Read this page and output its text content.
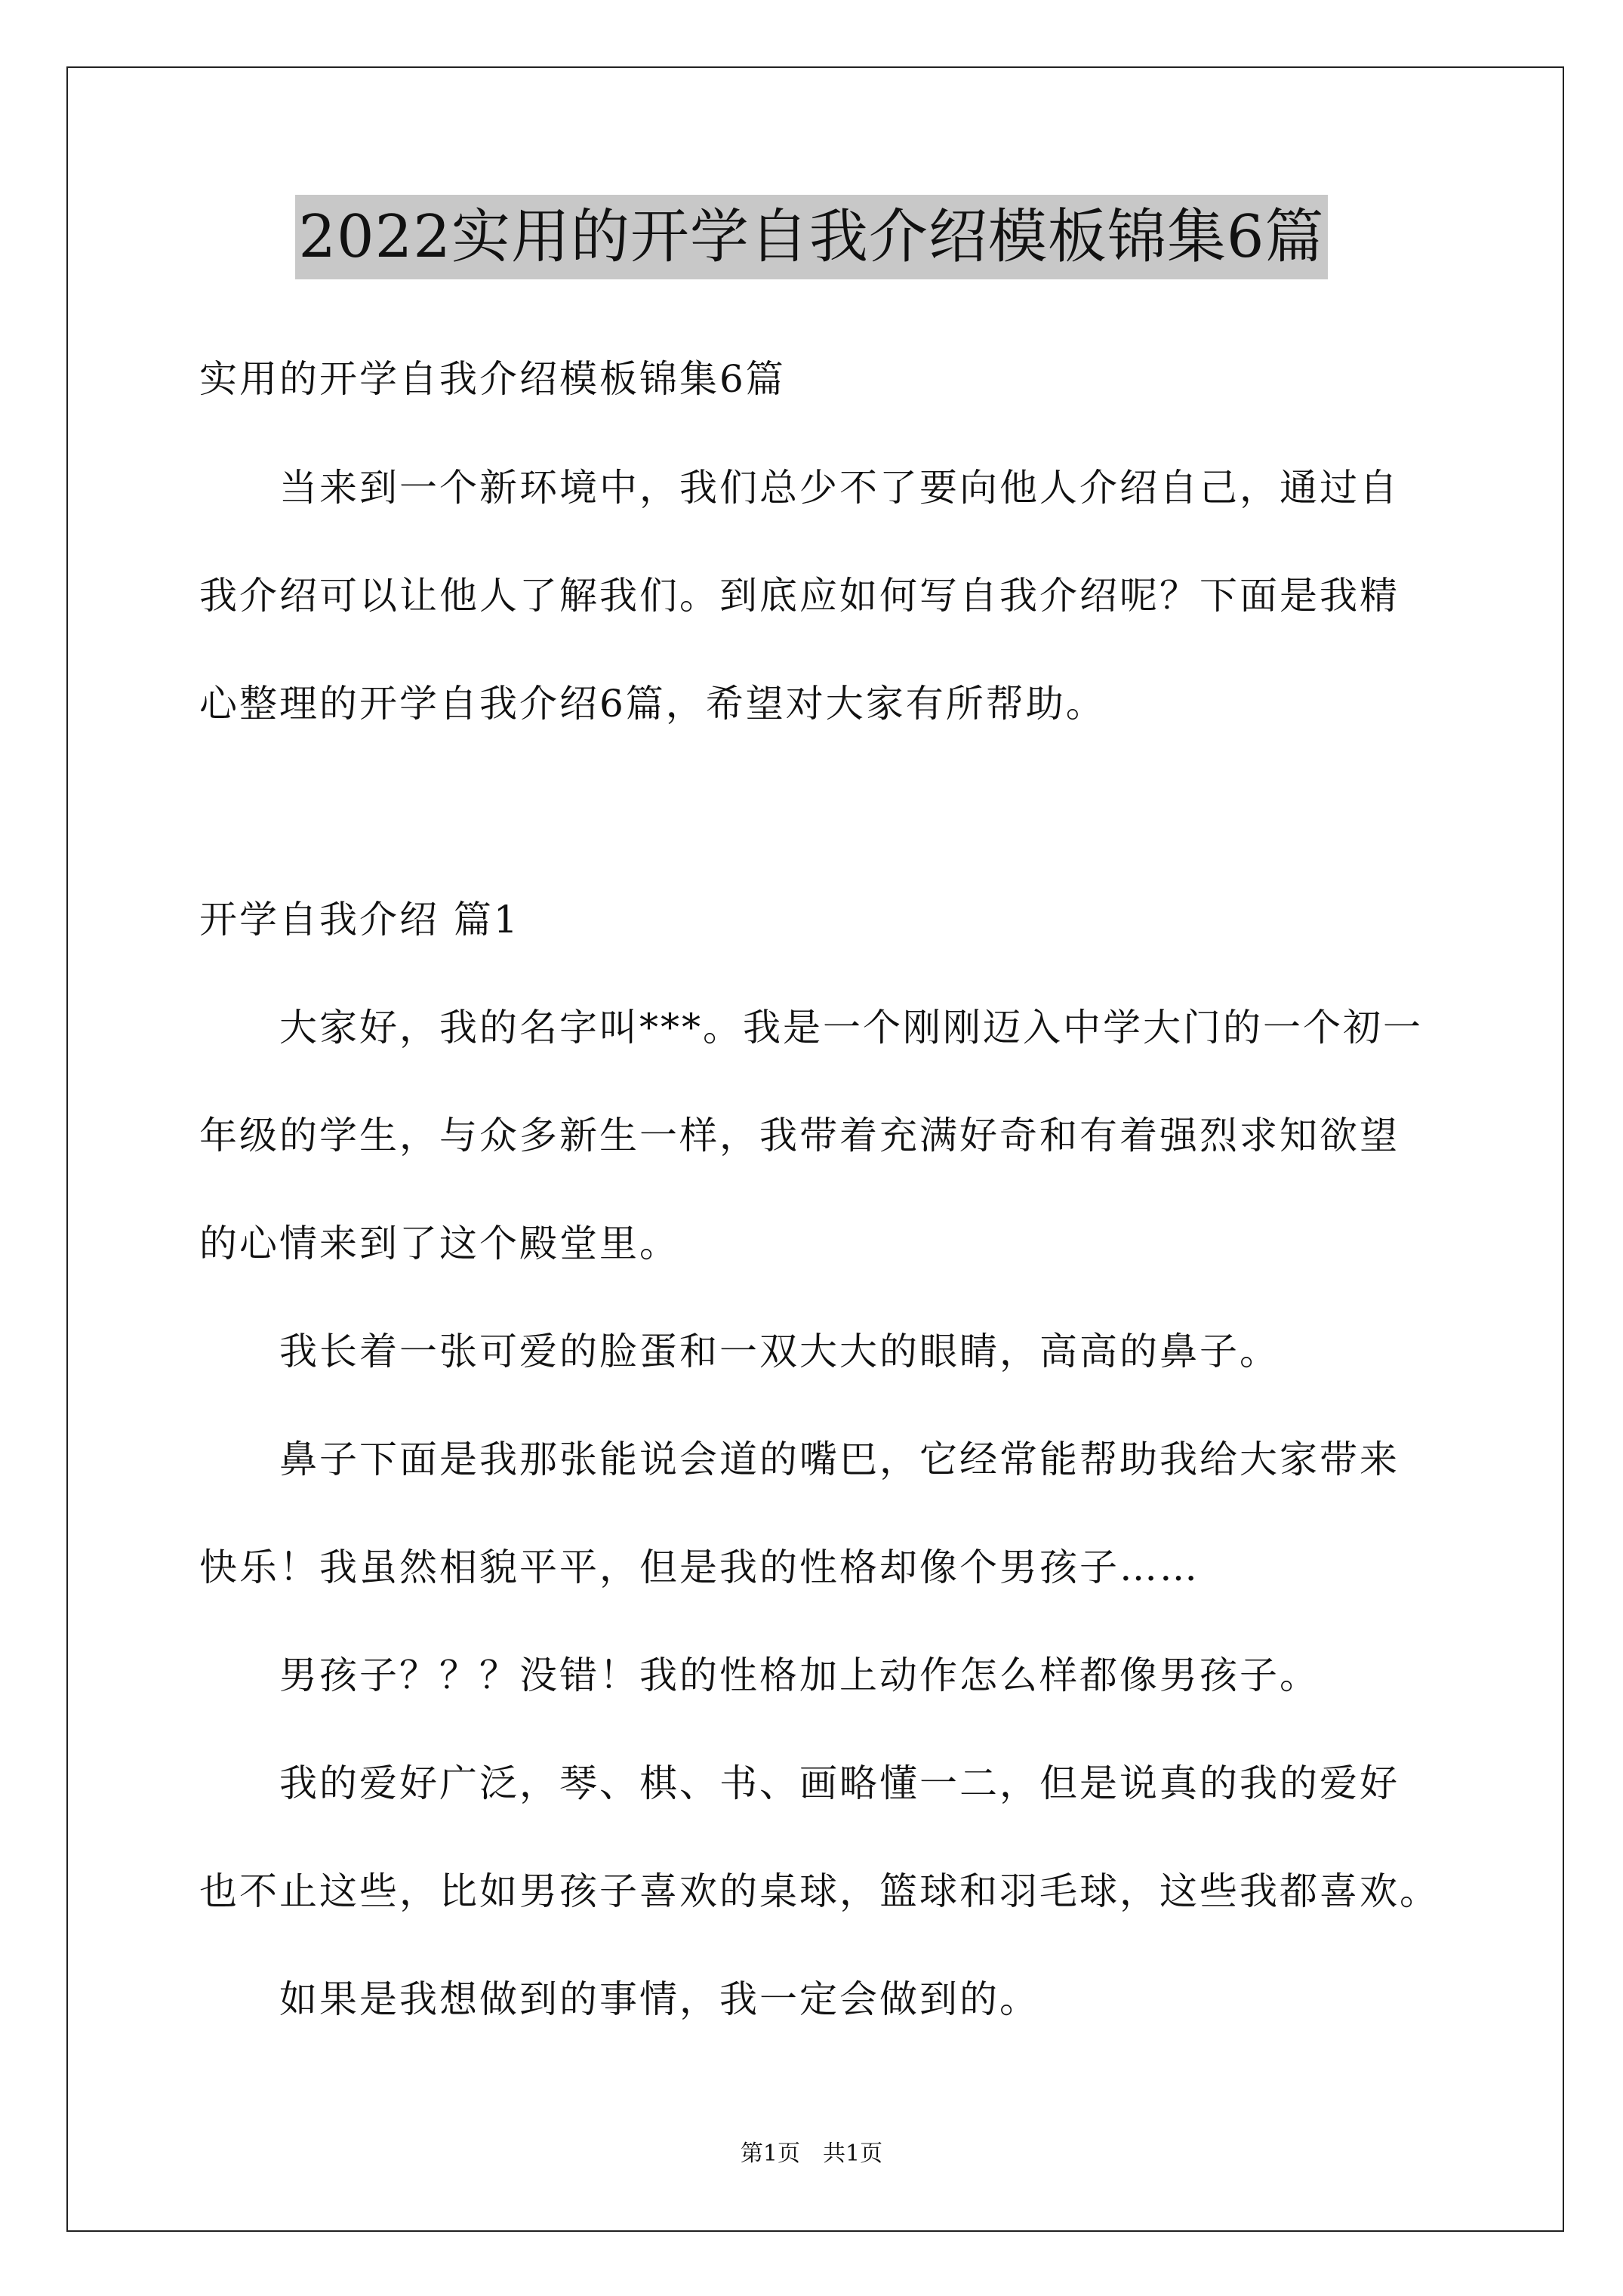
2022实用的开学自我介绍模板锦集6篇
实用的开学自我介绍模板锦集6篇
当来到一个新环境中，我们总少不了要向他人介绍自己，通过自
我介绍可以让他人了解我们。到底应如何写自我介绍呢？下面是我精
心整理的开学自我介绍6篇，希望对大家有所帮助。
开学自我介绍 篇1
大家好，我的名字叫***。我是一个刚刚迈入中学大门的一个初一
年级的学生，与众多新生一样，我带着充满好奇和有着强烈求知欲望
的心情来到了这个殿堂里。
我长着一张可爱的脸蛋和一双大大的眼睛，高高的鼻子。
鼻子下面是我那张能说会道的嘴巴，它经常能帮助我给大家带来
快乐！我虽然相貌平平，但是我的性格却像个男孩子……
男孩子？？？没错！我的性格加上动作怎么样都像男孩子。
我的爱好广泛，琴、棋、书、画略懂一二，但是说真的我的爱好
也不止这些，比如男孩子喜欢的桌球，篮球和羽毛球，这些我都喜欢。
如果是我想做到的事情，我一定会做到的。
第1页　共1页
